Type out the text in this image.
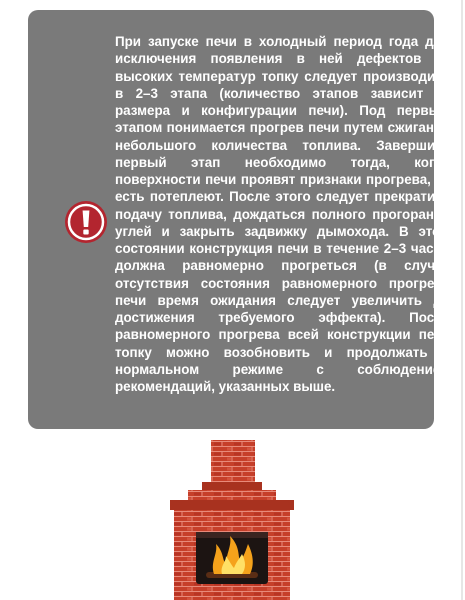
При запуске печи в холодный период года для исключения появления в ней дефектов от высоких температур топку следует производить в 2–3 этапа (количество этапов зависит от размера и конфигурации печи). Под первым этапом понимается прогрев печи путем сжигания небольшого количества топлива. Завершить первый этап необходимо тогда, когда поверхности печи проявят признаки прогрева, то есть потеплеют. После этого следует прекратить подачу топлива, дождаться полного прогорания углей и закрыть задвижку дымохода. В этом состоянии конструкция печи в течение 2–3 часов должна равномерно прогреться (в случае отсутствия состояния равномерного прогрева печи время ожидания следует увеличить до достижения требуемого эффекта). После равномерного прогрева всей конструкции печи топку можно возобновить и продолжать в нормальном режиме с соблюдением рекомендаций, указанных выше.
